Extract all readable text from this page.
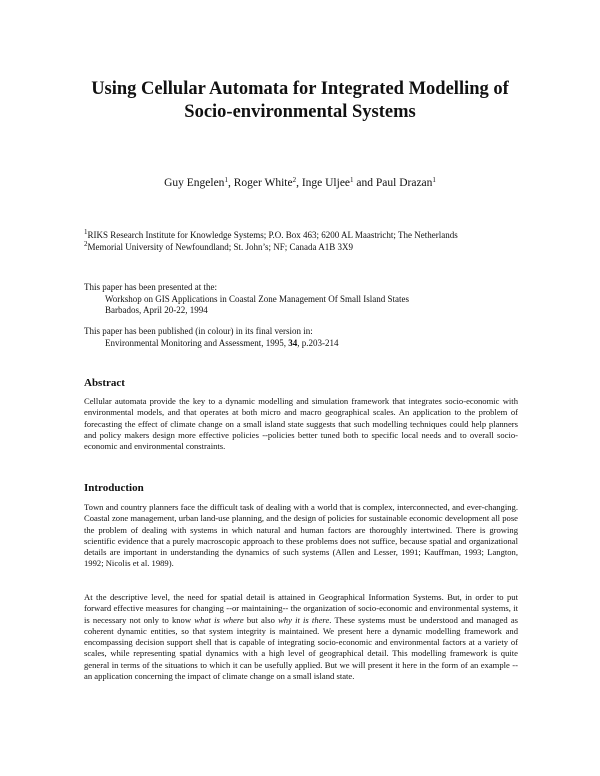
Using Cellular Automata for Integrated Modelling of
Socio-environmental Systems
Guy Engelen$^1$, Roger White$^2$, Inge Uljee$^1$ and Paul Drazan$^1$
$^1$RIKS Research Institute for Knowledge Systems; P.O. Box 463; 6200 AL Maastricht; The Netherlands
$^2$Memorial University of Newfoundland; St. John’s; NF; Canada A1B 3X9
This paper has been presented at the:
Workshop on GIS Applications in Coastal Zone Management Of Small Island States
Barbados, April 20-22, 1994
This paper has been published (in colour) in its final version in:
Environmental Monitoring and Assessment, 1995, 34, p.203-214
Abstract

Cellular automata provide the key to a dynamic modelling and simulation framework that integrates socio-economic with environmental models, and that operates at both micro and macro geographical scales. An application to the problem of forecasting the effect of climate change on a small island state suggests that such modelling techniques could help planners and policy makers design more effective policies --policies better tuned both to specific local needs and to overall socio-economic and environmental constraints.

Introduction

Town and country planners face the difficult task of dealing with a world that is complex, interconnected, and ever-changing. Coastal zone management, urban land-use planning, and the design of policies for sustainable economic development all pose the problem of dealing with systems in which natural and human factors are thoroughly intertwined. There is growing scientific evidence that a purely macroscopic approach to these problems does not suffice, because spatial and organizational details are important in understanding the dynamics of such systems (Allen and Lesser, 1991; Kauffman, 1993; Langton, 1992; Nicolis et al. 1989).

At the descriptive level, the need for spatial detail is attained in Geographical Information Systems. But, in order to put forward effective measures for changing --or maintaining-- the organization of socio-economic and environmental systems, it is necessary not only to know what is where but also why it is there. These systems must be understood and managed as coherent dynamic entities, so that system integrity is maintained. We present here a dynamic modelling framework and encompassing decision support shell that is capable of integrating socio-economic and environmental factors at a variety of scales, while representing spatial dynamics with a high level of geographical detail. This modelling framework is quite general in terms of the situations to which it can be usefully applied. But we will present it here in the form of an example --an application concerning the impact of climate change on a small island state.
